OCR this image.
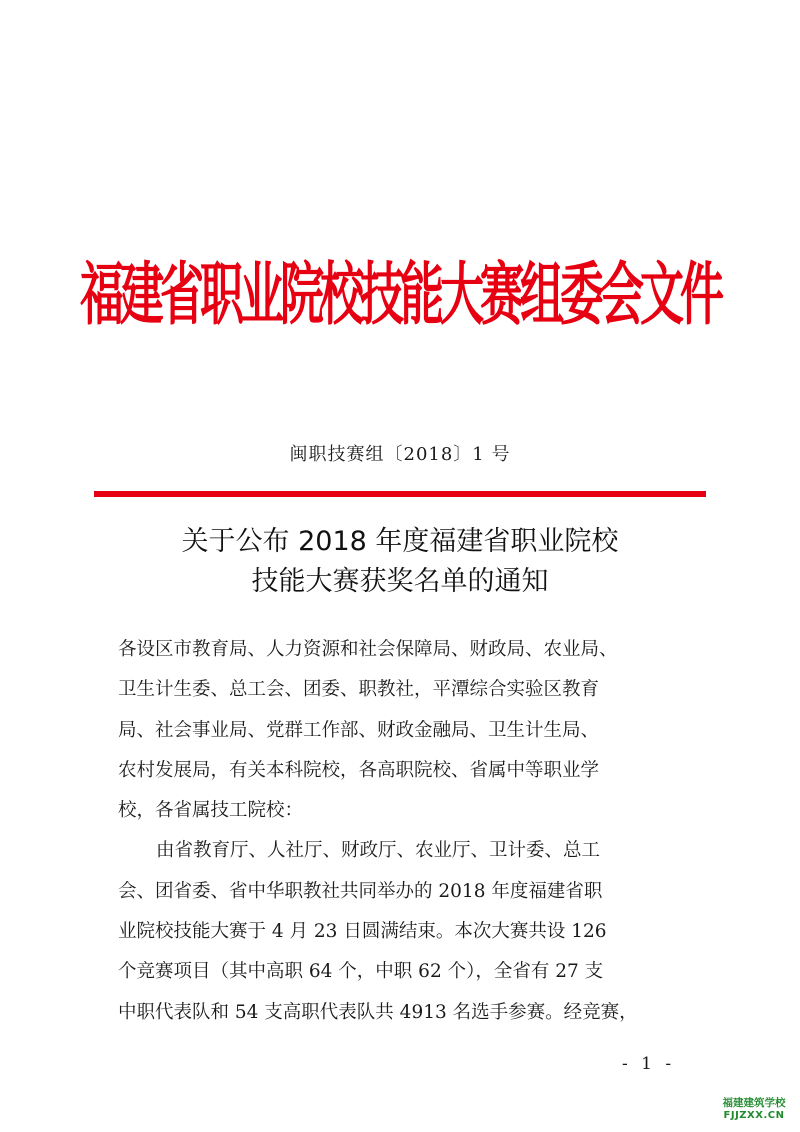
福建省职业院校技能大赛组委会文件
闽职技赛组〔2018〕1 号
关于公布 2018 年度福建省职业院校
技能大赛获奖名单的通知
各设区市教育局、人力资源和社会保障局、财政局、农业局、
卫生计生委、总工会、团委、职教社，平潭综合实验区教育
局、社会事业局、党群工作部、财政金融局、卫生计生局、
农村发展局，有关本科院校，各高职院校、省属中等职业学
校，各省属技工院校：
由省教育厅、人社厅、财政厅、农业厅、卫计委、总工
会、团省委、省中华职教社共同举办的 2018 年度福建省职
业院校技能大赛于 4 月 23 日圆满结束。本次大赛共设 126
个竞赛项目（其中高职 64 个，中职 62 个），全省有 27 支
中职代表队和 54 支高职代表队共 4913 名选手参赛。经竞赛，
- 1 -
福建建筑学校
FJJZXX.CN
